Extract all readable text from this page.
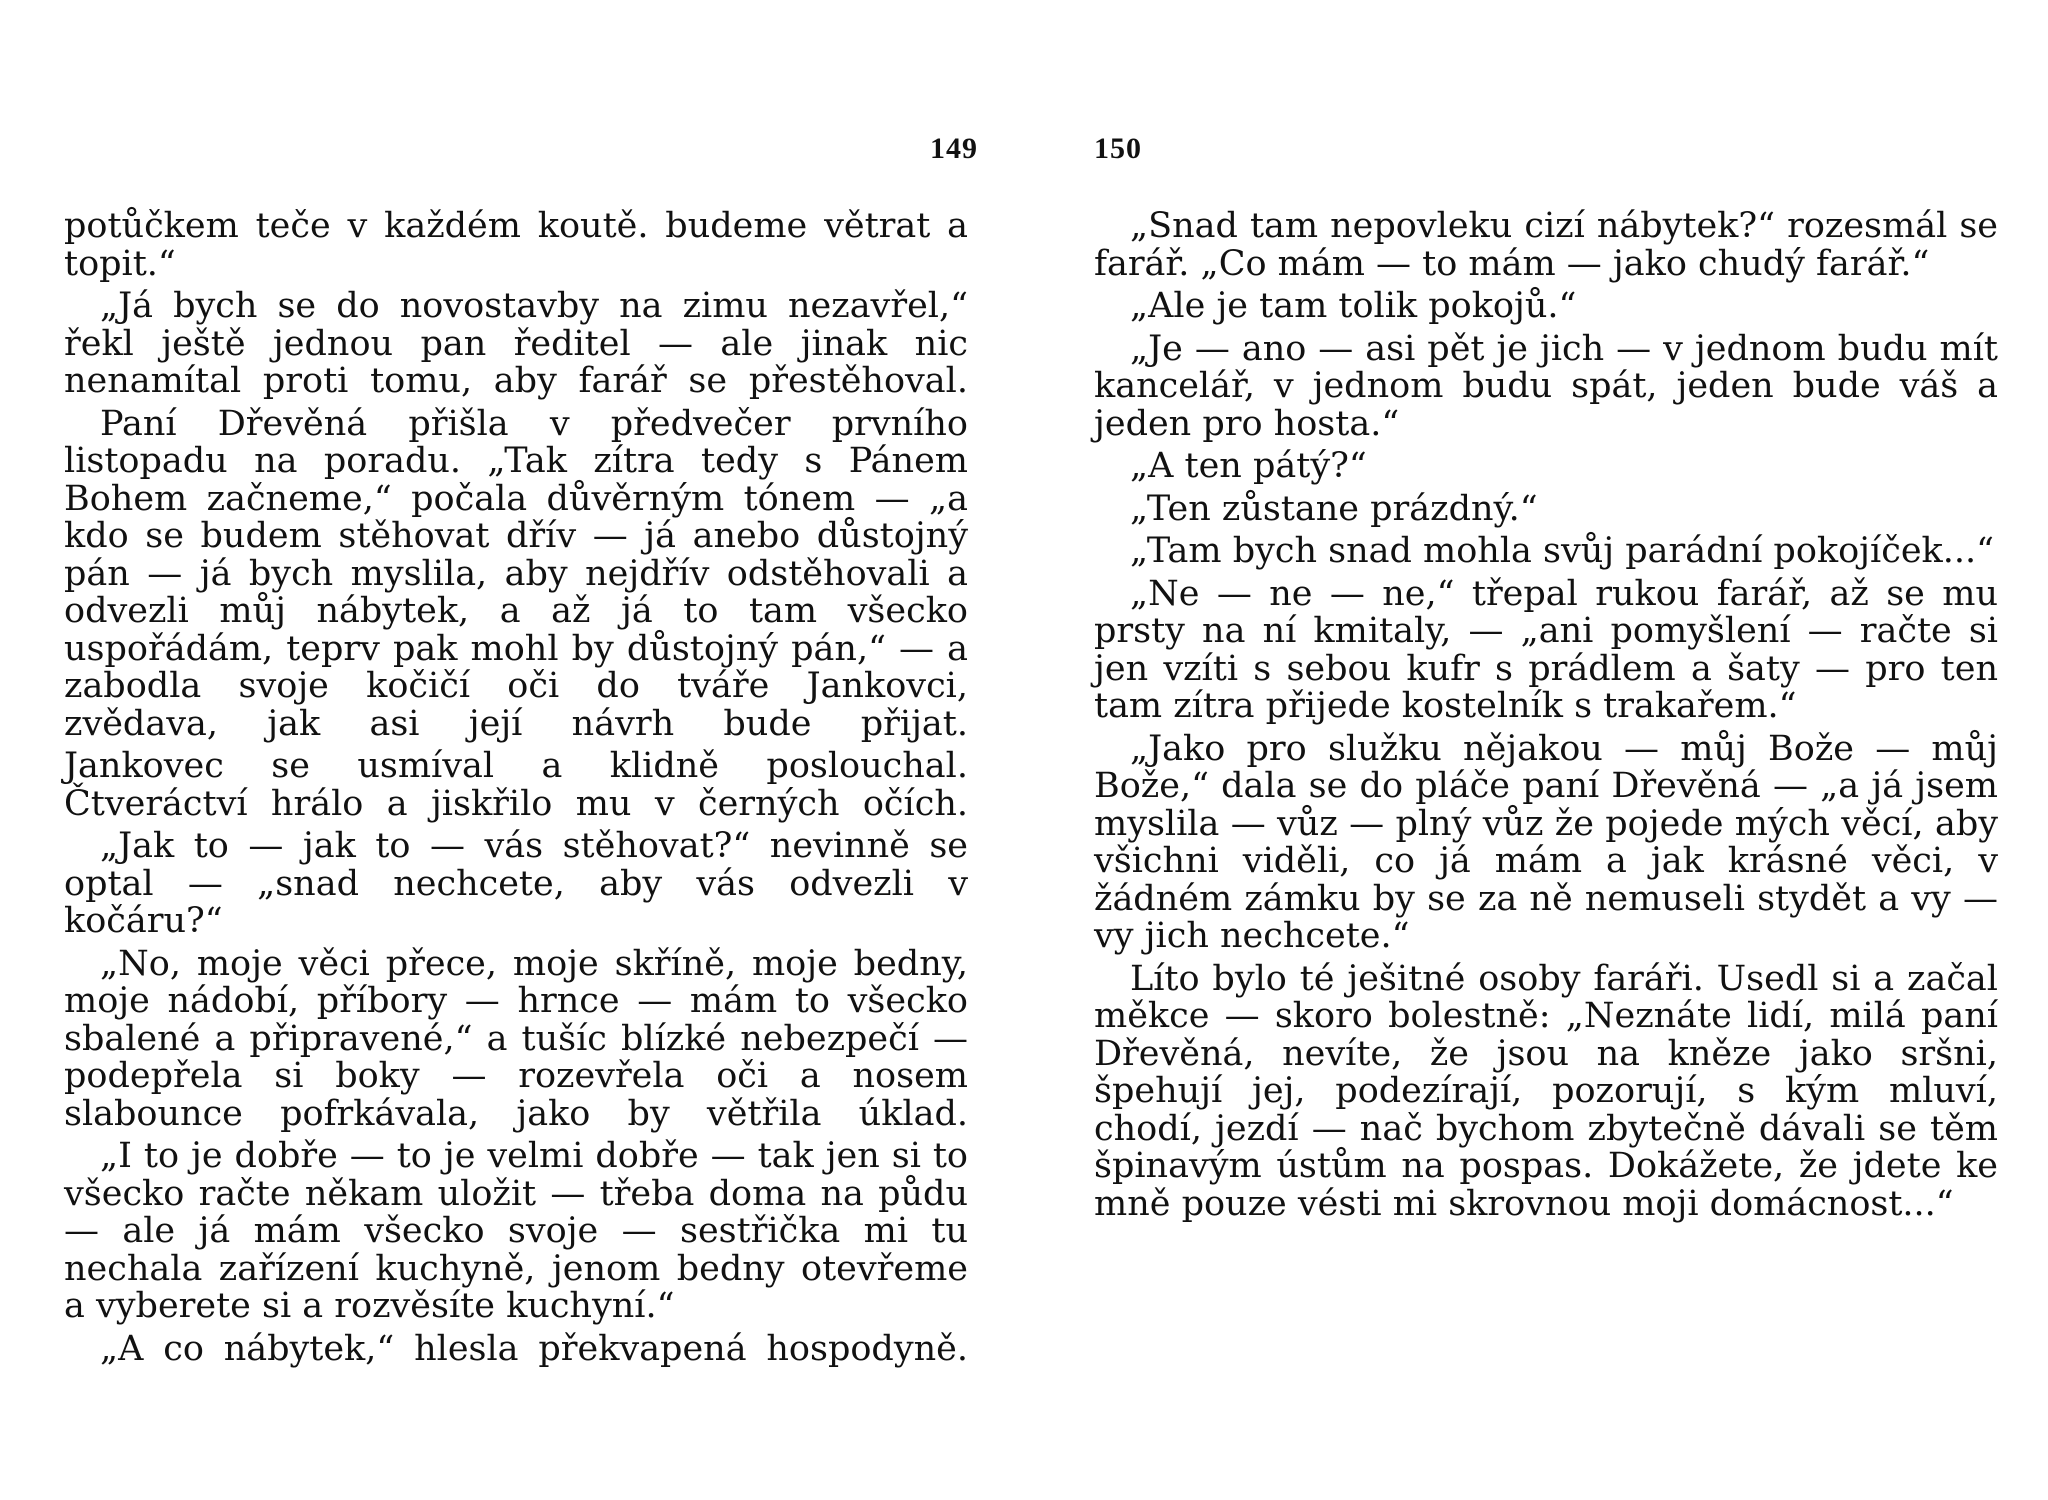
149

potůčkem teče v každém koutě. budeme větrat a topit.“

„Já bych se do novostavby na zimu nezavřel,“ řekl ještě jednou pan ředitel — ale jinak nic nenamítal proti tomu, aby farář se přestěhoval.

Paní Dřevěná přišla v předvečer prvního listopadu na poradu. „Tak zítra tedy s Pánem Bohem začneme,“ počala důvěrným tónem — „a kdo se budem stěhovat dřív — já anebo důstojný pán — já bych myslila, aby nejdřív odstěhovali a odvezli můj nábytek, a až já to tam všecko uspořádám, teprv pak mohl by důstojný pán,“ — a zabodla svoje kočičí oči do tváře Jankovci, zvědava, jak asi její návrh bude přijat.

Jankovec se usmíval a klidně poslouchal. Čtveráctví hrálo a jiskřilo mu v černých očích.

„Jak to — jak to — vás stěhovat?“ nevinně se optal — „snad nechcete, aby vás odvezli v kočáru?“

„No, moje věci přece, moje skříně, moje bedny, moje nádobí, příbory — hrnce — mám to všecko sbalené a připravené,“ a tušíc blízké nebezpečí — podepřela si boky — rozevřela oči a nosem slabounce pofrkávala, jako by větřila úklad.

„I to je dobře — to je velmi dobře — tak jen si to všecko račte někam uložit — třeba doma na půdu — ale já mám všecko svoje — sestřička mi tu nechala zařízení kuchyně, jenom bedny otevřeme a vyberete si a rozvěsíte kuchyní.“

„A co nábytek,“ hlesla překvapená hospodyně.

150

„Snad tam nepovleku cizí nábytek?“ rozesmál se farář. „Co mám — to mám — jako chudý farář.“

„Ale je tam tolik pokojů.“

„Je — ano — asi pět je jich — v jednom budu mít kancelář, v jednom budu spát, jeden bude váš a jeden pro hosta.“

„A ten pátý?“

„Ten zůstane prázdný.“

„Tam bych snad mohla svůj parádní pokojíček...“

„Ne — ne — ne,“ třepal rukou farář, až se mu prsty na ní kmitaly, — „ani pomyšlení — račte si jen vzíti s sebou kufr s prádlem a šaty — pro ten tam zítra přijede kostelník s trakařem.“

„Jako pro služku nějakou — můj Bože — můj Bože,“ dala se do pláče paní Dřevěná — „a já jsem myslila — vůz — plný vůz že pojede mých věcí, aby všichni viděli, co já mám a jak krásné věci, v žádném zámku by se za ně nemuseli stydět a vy — vy jich nechcete.“

Líto bylo té ješitné osoby faráři. Usedl si a začal měkce — skoro bolestně: „Neznáte lidí, milá paní Dřevěná, nevíte, že jsou na kněze jako sršni, špehují jej, podezírají, pozorují, s kým mluví, chodí, jezdí — nač bychom zbytečně dávali se těm špinavým ústům na pospas. Dokážete, že jdete ke mně pouze vésti mi skrovnou moji domácnost...“
